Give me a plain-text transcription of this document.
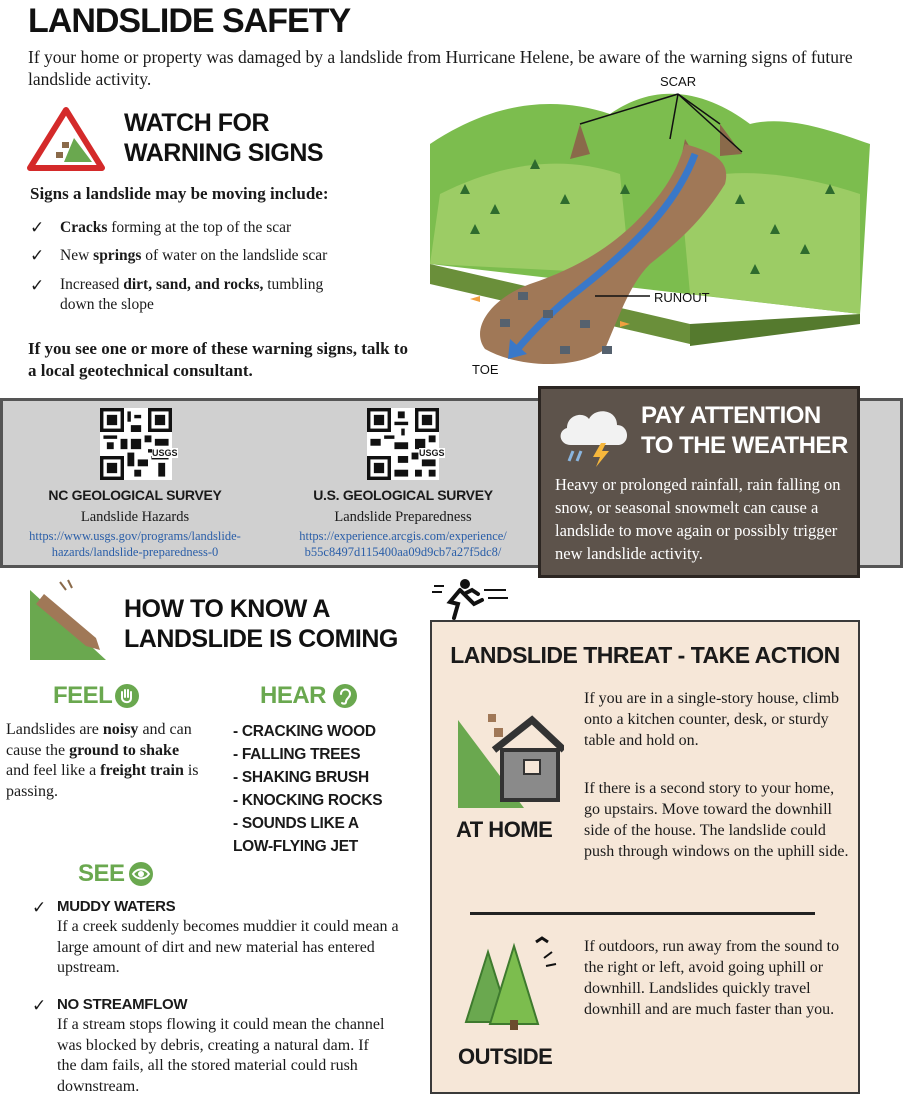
LANDSLIDE SAFETY
If your home or property was damaged by a landslide from Hurricane Helene, be aware of the warning signs of future landslide activity.	SCAR
RUNOUT
TOE
WATCH FOR
WARNING SIGNS
Signs a landslide may be moving include:
✓ Cracks forming at the top of the scar
✓ New springs of water on the landslide scar
✓ Increased dirt, sand, and rocks, tumbling down the slope
If you see one or more of these warning signs, talk to a local geotechnical consultant.
USGS
NC GEOLOGICAL SURVEY
Landslide Hazards
https://www.usgs.gov/programs/landslide-
hazards/landslide-preparedness-0
USGS
U.S. GEOLOGICAL SURVEY
Landslide Preparedness
https://experience.arcgis.com/experience/
b55c8497d115400aa09d9cb7a27f5dc8/
PAY ATTENTION
TO THE WEATHER
Heavy or prolonged rainfall, rain falling on snow, or seasonal snowmelt can cause a landslide to move again or possibly trigger new landslide activity.
HOW TO KNOW A
LANDSLIDE IS COMING
FEEL
Landslides are noisy and can cause the ground to shake and feel like a freight train is passing.
HEAR
- CRACKING WOOD
- FALLING TREES
- SHAKING BRUSH
- KNOCKING ROCKS
- SOUNDS LIKE A
LOW-FLYING JET
SEE
✓ MUDDY WATERS
If a creek suddenly becomes muddier it could mean a large amount of dirt and new material has entered upstream.
✓ NO STREAMFLOW
If a stream stops flowing it could mean the channel was blocked by debris, creating a natural dam. If the dam fails, all the stored material could rush downstream.
LANDSLIDE THREAT - TAKE ACTION
AT HOME

If you are in a single-story house, climb onto a kitchen counter, desk, or sturdy table and hold on.

If there is a second story to your home, go upstairs. Move toward the downhill side of the house. The landslide could push through windows on the uphill side.

OUTSIDE

If outdoors, run away from the sound to the right or left, avoid going uphill or downhill. Landslides quickly travel downhill and are much faster than you.
